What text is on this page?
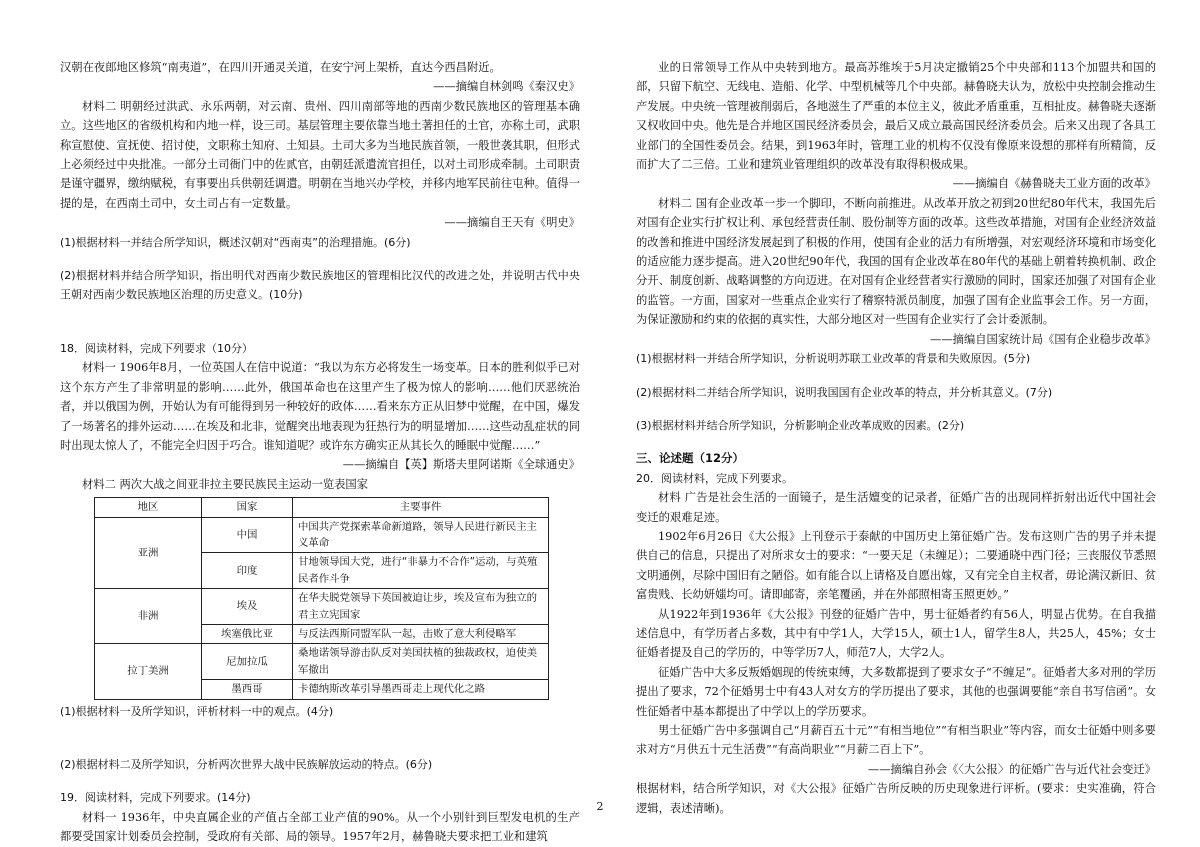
汉朝在夜郎地区修筑“南夷道”，在四川开通灵关道，在安宁河上架桥，直达今西昌附近。

——摘编自林剑鸣《秦汉史》

材料二 明朝经过洪武、永乐两朝，对云南、贵州、四川南部等地的西南少数民族地区的管理基本确立。这些地区的省级机构和内地一样，设三司。基层管理主要依靠当地土著担任的土官，亦称土司，武职称宣慰使、宣抚使、招讨使，文职称土知府、土知县。土司大多为当地民族首领，一般世袭其职，但形式上必须经过中央批准。一部分土司衙门中的佐贰官，由朝廷派遣流官担任，以对土司形成牵制。土司职责是谨守疆界，缴纳赋税，有事要出兵供朝廷调遣。明朝在当地兴办学校，并移内地军民前往屯种。值得一提的是，在西南土司中，女土司占有一定数量。

——摘编自王天有《明史》

(1)根据材料一并结合所学知识，概述汉朝对“西南夷”的治理措施。(6分)

(2)根据材料并结合所学知识，指出明代对西南少数民族地区的管理相比汉代的改进之处，并说明古代中央王朝对西南少数民族地区治理的历史意义。(10分)

18．阅读材料，完成下列要求（10分）

材料一 1906年8月，一位英国人在信中说道：“我以为东方必将发生一场变革。日本的胜利似乎已对这个东方产生了非常明显的影响……此外，俄国革命也在这里产生了极为惊人的影响……他们厌恶统治者，并以俄国为例，开始认为有可能得到另一种较好的政体……看来东方正从旧梦中觉醒，在中国，爆发了一场著名的排外运动……在埃及和北非，觉醒突出地表现为狂热行为的明显增加……这些动乱症状的同时出现太惊人了，不能完全归因于巧合。谁知道呢？或许东方确实正从其长久的睡眠中觉醒……”

——摘编自【英】斯塔夫里阿诺斯《全球通史》

材料二 两次大战之间亚非拉主要民族民主运动一览表国家

地区	国家	主要事件
亚洲	中国	中国共产党探索革命新道路，领导人民进行新民主主义革命
	印度	甘地领导国大党，进行“非暴力不合作”运动，与英殖民者作斗争
非洲	埃及	在华夫脱党领导下英国被迫让步，埃及宣布为独立的君主立宪国家
	埃塞俄比亚	与反法西斯同盟军队一起，击败了意大利侵略军
拉丁美洲	尼加拉瓜	桑地诺领导游击队反对美国扶植的独裁政权，迫使美军撤出
	墨西哥	卡德纳斯改革引导墨西哥走上现代化之路

(1)根据材料一及所学知识，评析材料一中的观点。(4分)

(2)根据材料二及所学知识，分析两次世界大战中民族解放运动的特点。(6分)

19．阅读材料，完成下列要求。(14分)

材料一 1936年，中央直属企业的产值占全部工业产值的90%。从一个小别针到巨型发电机的生产都要受国家计划委员会控制，受政府有关部、局的领导。1957年2月，赫鲁晓夫要求把工业和建筑

业的日常领导工作从中央转到地方。最高苏维埃于5月决定撤销25个中央部和113个加盟共和国的部，只留下航空、无线电、造船、化学、中型机械等几个中央部。赫鲁晓夫认为，放松中央控制会推动生产发展。中央统一管理被削弱后，各地滋生了严重的本位主义，彼此矛盾重重，互相扯皮。赫鲁晓夫逐渐又权收回中央。他先是合并地区国民经济委员会，最后又成立最高国民经济委员会。后来又出现了各具工业部门的全国性委员会。结果，到1963年时，管理工业的机构不仅没有像原来设想的那样有所精简，反而扩大了二三倍。工业和建筑业管理组织的改革没有取得积极成果。

——摘编自《赫鲁晓夫工业方面的改革》

材料二 国有企业改革一步一个脚印，不断向前推进。从改革开放之初到20世纪80年代末，我国先后对国有企业实行扩权让利、承包经营责任制、股份制等方面的改革。这些改革措施，对国有企业经济效益的改善和推进中国经济发展起到了积极的作用，使国有企业的活力有所增强，对宏观经济环境和市场变化的适应能力逐步提高。进入20世纪90年代，我国的国有企业改革在80年代的基础上朝着转换机制、政企分开、制度创新、战略调整的方向迈进。在对国有企业经营者实行激励的同时，国家还加强了对国有企业的监管。一方面，国家对一些重点企业实行了稽察特派员制度，加强了国有企业监事会工作。另一方面，为保证激励和约束的依据的真实性，大部分地区对一些国有企业实行了会计委派制。

——摘编自国家统计局《国有企业稳步改革》

(1)根据材料一并结合所学知识，分析说明苏联工业改革的背景和失败原因。(5分)

(2)根据材料二并结合所学知识，说明我国国有企业改革的特点，并分析其意义。(7分)

(3)根据材料并结合所学知识，分析影响企业改革成败的因素。(2分)

三、论述题（12分）

20．阅读材料，完成下列要求。

材料 广告是社会生活的一面镜子，是生活嬗变的记录者，征婚广告的出现同样折射出近代中国社会变迁的艰难足迹。

1902年6月26日《大公报》上刊登示于泰献的中国历史上第征婚广告。发布这则广告的男子并未提供自己的信息，只提出了对所求女士的要求：“一要天足（未缠足）；二要通晓中西门径；三丧服仪节悉照文明通例，尽除中国旧有之陋俗。如有能合以上请格及自愿出嫁，又有完全自主权者，毋论满汉新旧、贫富贵贱、长幼妍媸均可。请即邮寄，亲笔覆函，并在外部照相寄玉照更妙。”

从1922年到1936年《大公报》刊登的征婚广告中，男士征婚者约有56人，明显占优势。在自我描述信息中，有学历者占多数，其中有中学1人，大学15人，硕士1人，留学生8人，共25人，45%；女士征婚者提及自己的学历的，中等学历7人，师范7人，大学2人。

征婚广告中大多反叛婚姻现的传统束缚，大多数都提到了要求女子“不缠足”。征婚者大多对刑的学历提出了要求，72个征婚男士中有43人对女方的学历提出了要求，其他的也强调要能“亲自书写信函”。女性征婚者中基本都提出了中学以上的学历要求。

男士征婚广告中多强调自己“月薪百五十元”“有相当地位”“有相当职业”等内容，而女士征婚中则多要求对方“月供五十元生活费”“有高尚职业”“月薪二百上下”。

——摘编自孙会《〈大公报〉的征婚广告与近代社会变迁》

根据材料，结合所学知识，对《大公报》征婚广告所反映的历史现象进行评析。(要求：史实准确，符合逻辑，表述清晰)。

2
